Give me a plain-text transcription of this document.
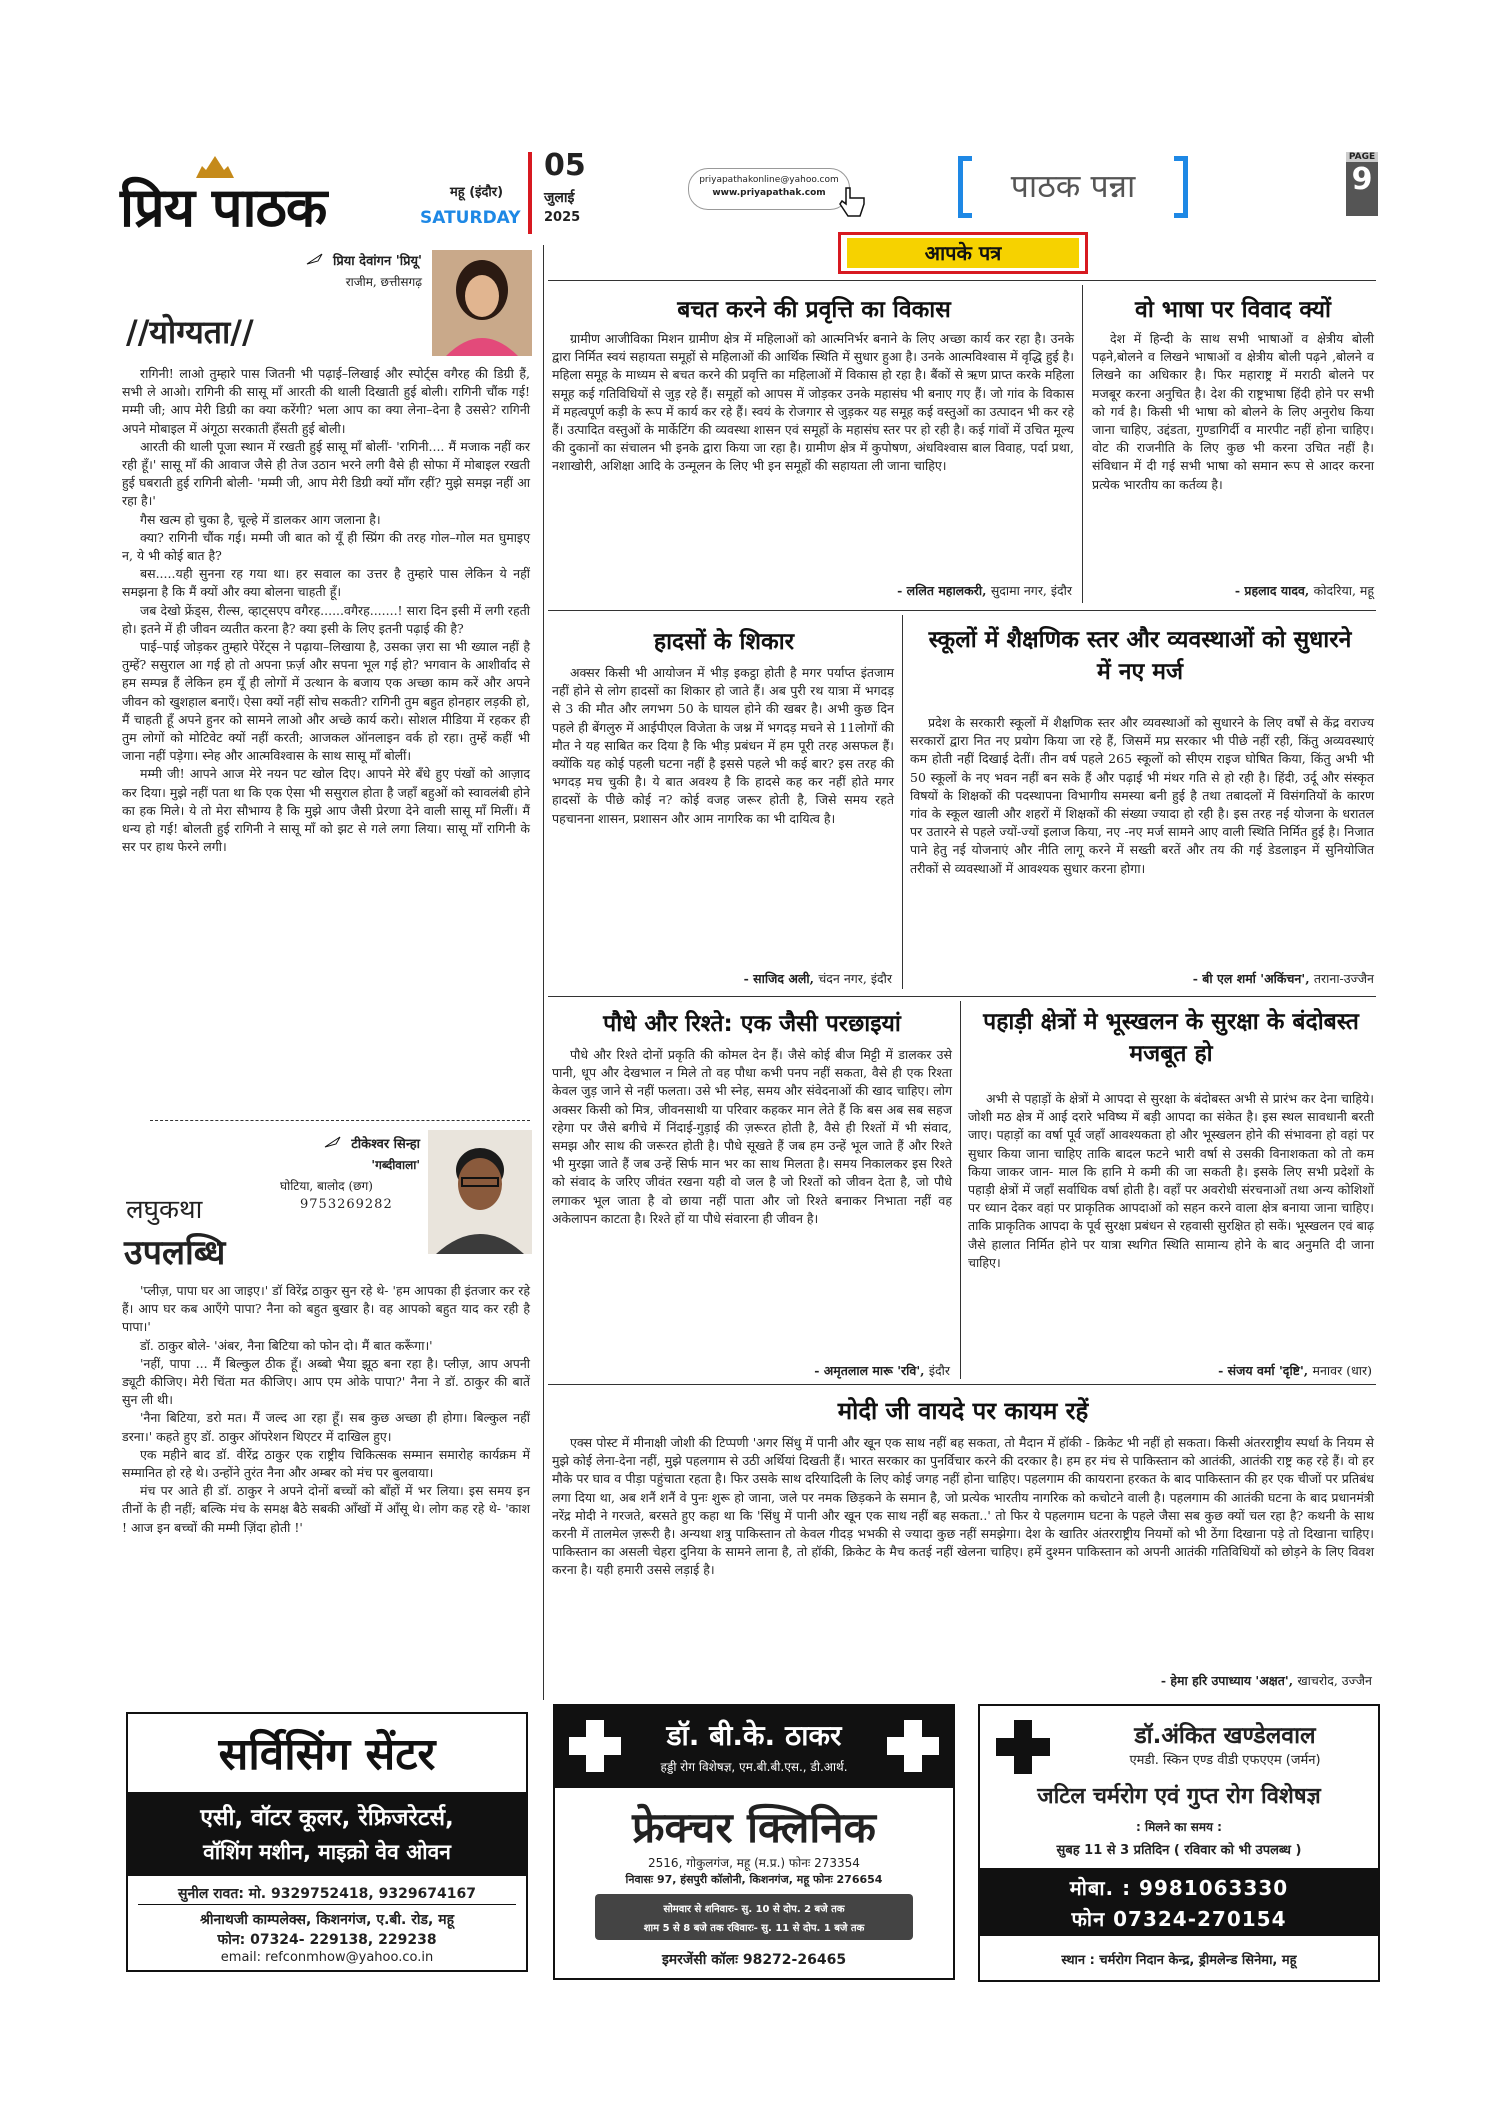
प्रिय पाठक	महू (इंदौर)
SATURDAY
05
जुलाई
2025
priyapathakonline@yahoo.com
www.priyapathak.com	पाठक पन्ना
PAGE
9
आपके पत्र
प्रिया देवांगन 'प्रियू'
राजीम, छत्तीसगढ़
//योग्यता//

रागिनी! लाओ तुम्हारे पास जितनी भी पढ़ाई–लिखाई और स्पोर्ट्स वगैरह की डिग्री हैं, सभी ले आओ। रागिनी की सासू माँ आरती की थाली दिखाती हुई बोली। रागिनी चौंक गई! मम्मी जी; आप मेरी डिग्री का क्या करेंगी? भला आप का क्या लेना–देना है उससे? रागिनी अपने मोबाइल में अंगूठा सरकाती हँसती हुई बोली।

आरती की थाली पूजा स्थान में रखती हुई सासू माँ बोलीं- 'रागिनी.... मैं मजाक नहीं कर रही हूँ।' सासू माँ की आवाज जैसे ही तेज उठान भरने लगी वैसे ही सोफा में मोबाइल रखती हुई घबराती हुई रागिनी बोली- 'मम्मी जी, आप मेरी डिग्री क्यों माँग रहीं? मुझे समझ नहीं आ रहा है।'

गैस खत्म हो चुका है, चूल्हे में डालकर आग जलाना है।

क्या? रागिनी चौंक गई। मम्मी जी बात को यूँ ही स्प्रिंग की तरह गोल–गोल मत घुमाइए न, ये भी कोई बात है?

बस.....यही सुनना रह गया था। हर सवाल का उत्तर है तुम्हारे पास लेकिन ये नहीं समझना है कि मैं क्यों और क्या बोलना चाहती हूँ।

जब देखो फ्रेंड्स, रील्स, व्हाट्सएप वगैरह......वगैरह.......! सारा दिन इसी में लगी रहती हो। इतने में ही जीवन व्यतीत करना है? क्या इसी के लिए इतनी पढ़ाई की है?

पाई–पाई जोड़कर तुम्हारे पेरेंट्स ने पढ़ाया–लिखाया है, उसका ज़रा सा भी ख्याल नहीं है तुम्हें? ससुराल आ गई हो तो अपना फ़र्ज़ और सपना भूल गई हो? भगवान के आशीर्वाद से हम सम्पन्न हैं लेकिन हम यूँ ही लोगों में उत्थान के बजाय एक अच्छा काम करें और अपने जीवन को खुशहाल बनाएँ। ऐसा क्यों नहीं सोच सकती? रागिनी तुम बहुत होनहार लड़की हो, मैं चाहती हूँ अपने हुनर को सामने लाओ और अच्छे कार्य करो। सोशल मीडिया में रहकर ही तुम लोगों को मोटिवेट क्यों नहीं करती; आजकल ऑनलाइन वर्क हो रहा। तुम्हें कहीं भी जाना नहीं पड़ेगा। स्नेह और आत्मविश्वास के साथ सासू माँ बोलीं।

मम्मी जी! आपने आज मेरे नयन पट खोल दिए। आपने मेरे बँधे हुए पंखों को आज़ाद कर दिया। मुझे नहीं पता था कि एक ऐसा भी ससुराल होता है जहाँ बहुओं को स्वावलंबी होने का हक मिले। ये तो मेरा सौभाग्य है कि मुझे आप जैसी प्रेरणा देने वाली सासू माँ मिलीं। मैं धन्य हो गई! बोलती हुई रागिनी ने सासू माँ को झट से गले लगा लिया। सासू माँ रागिनी के सर पर हाथ फेरने लगी।

टीकेश्वर सिन्हा
'गब्दीवाला'
घोटिया, बालोद (छग)
9753269282
लघुकथा
उपलब्धि

'प्लीज़, पापा घर आ जाइए।' डॉ विरेंद्र ठाकुर सुन रहे थे- 'हम आपका ही इंतजार कर रहे हैं। आप घर कब आएँगे पापा? नैना को बहुत बुखार है। वह आपको बहुत याद कर रही है पापा।'

डॉ. ठाकुर बोले- 'अंबर, नैना बिटिया को फोन दो। मैं बात करूँगा।'

'नहीं, पापा ... मैं बिल्कुल ठीक हूँ। अब्बो भैया झूठ बना रहा है। प्लीज़, आप अपनी ड्यूटी कीजिए। मेरी चिंता मत कीजिए। आप एम ओके पापा?' नैना ने डॉ. ठाकुर की बातें सुन ली थी।

'नैना बिटिया, डरो मत। मैं जल्द आ रहा हूँ। सब कुछ अच्छा ही होगा। बिल्कुल नहीं डरना।' कहते हुए डॉ. ठाकुर ऑपरेशन थिएटर में दाखिल हुए।

एक महीने बाद डॉ. वीरेंद्र ठाकुर एक राष्ट्रीय चिकित्सक सम्मान समारोह कार्यक्रम में सम्मानित हो रहे थे। उन्होंने तुरंत नैना और अम्बर को मंच पर बुलवाया।

मंच पर आते ही डॉ. ठाकुर ने अपने दोनों बच्चों को बाँहों में भर लिया। इस समय इन तीनों के ही नहीं; बल्कि मंच के समक्ष बैठे सबकी आँखों में आँसू थे। लोग कह रहे थे- 'काश ! आज इन बच्चों की मम्मी ज़िंदा होती !'

बचत करने की प्रवृत्ति का विकास

ग्रामीण आजीविका मिशन ग्रामीण क्षेत्र में महिलाओं को आत्मनिर्भर बनाने के लिए अच्छा कार्य कर रहा है। उनके द्वारा निर्मित स्वयं सहायता समूहों से महिलाओं की आर्थिक स्थिति में सुधार हुआ है। उनके आत्मविश्वास में वृद्धि हुई है। महिला समूह के माध्यम से बचत करने की प्रवृत्ति का महिलाओं में विकास हो रहा है। बैंकों से ऋण प्राप्त करके महिला समूह कई गतिविधियों से जुड़ रहे हैं। समूहों को आपस में जोड़कर उनके महासंघ भी बनाए गए हैं। जो गांव के विकास में महत्वपूर्ण कड़ी के रूप में कार्य कर रहे हैं। स्वयं के रोजगार से जुड़कर यह समूह कई वस्तुओं का उत्पादन भी कर रहे हैं। उत्पादित वस्तुओं के मार्केटिंग की व्यवस्था शासन एवं समूहों के महासंघ स्तर पर हो रही है। कई गांवों में उचित मूल्य की दुकानों का संचालन भी इनके द्वारा किया जा रहा है। ग्रामीण क्षेत्र में कुपोषण, अंधविश्वास बाल विवाह, पर्दा प्रथा, नशाखोरी, अशिक्षा आदि के उन्मूलन के लिए भी इन समूहों की सहायता ली जाना चाहिए।

- ललित महालकरी, सुदामा नगर, इंदौर
वो भाषा पर विवाद क्यों

देश में हिन्दी के साथ सभी भाषाओं व क्षेत्रीय बोली पढ़ने,बोलने व लिखने भाषाओं व क्षेत्रीय बोली पढ़ने ,बोलने व लिखने का अधिकार है। फिर महाराष्ट्र में मराठी बोलने पर मजबूर करना अनुचित है। देश की राष्ट्रभाषा हिंदी होने पर सभी को गर्व है। किसी भी भाषा को बोलने के लिए अनुरोध किया जाना चाहिए, उद्दंडता, गुण्डागिर्दी व मारपीट नहीं होना चाहिए। वोट की राजनीति के लिए कुछ भी करना उचित नहीं है। संविधान में दी गई सभी भाषा को समान रूप से आदर करना प्रत्येक भारतीय का कर्तव्य है।

- प्रहलाद यादव, कोदरिया, महू
हादसों के शिकार

अक्सर किसी भी आयोजन में भीड़ इकट्ठा होती है मगर पर्याप्त इंतजाम नहीं होने से लोग हादसों का शिकार हो जाते हैं। अब पुरी रथ यात्रा में भगदड़ से 3 की मौत और लगभग 50 के घायल होने की खबर है। अभी कुछ दिन पहले ही बेंगलुरु में आईपीएल विजेता के जश्न में भगदड़ मचने से 11लोगों की मौत ने यह साबित कर दिया है कि भीड़ प्रबंधन में हम पूरी तरह असफल हैं। क्योंकि यह कोई पहली घटना नहीं है इससे पहले भी कई बार? इस तरह की भगदड़ मच चुकी है। ये बात अवश्य है कि हादसे कह कर नहीं होते मगर हादसों के पीछे कोई न? कोई वजह जरूर होती है, जिसे समय रहते पहचानना शासन, प्रशासन और आम नागरिक का भी दायित्व है।

- साजिद अली, चंदन नगर, इंदौर
स्कूलों में शैक्षणिक स्तर और व्यवस्थाओं को सुधारने में नए मर्ज

प्रदेश के सरकारी स्कूलों में शैक्षणिक स्तर और व्यवस्थाओं को सुधारने के लिए वर्षों से केंद्र वराज्य सरकारों द्वारा नित नए प्रयोग किया जा रहे हैं, जिसमें मप्र सरकार भी पीछे नहीं रही, किंतु अव्यवस्थाएं कम होती नहीं दिखाई देतीं। तीन वर्ष पहले 265 स्कूलों को सीएम राइज घोषित किया, किंतु अभी भी 50 स्कूलों के नए भवन नहीं बन सके हैं और पढ़ाई भी मंथर गति से हो रही है। हिंदी, उर्दू और संस्कृत विषयों के शिक्षकों की पदस्थापना विभागीय समस्या बनी हुई है तथा तबादलों में विसंगतियों के कारण गांव के स्कूल खाली और शहरों में शिक्षकों की संख्या ज्यादा हो रही है। इस तरह नई योजना के धरातल पर उतारने से पहले ज्यों-ज्यों इलाज किया, नए -नए मर्ज सामने आए वाली स्थिति निर्मित हुई है। निजात पाने हेतु नई योजनाएं और नीति लागू करने में सख्ती बरतें और तय की गई डेडलाइन में सुनियोजित तरीकों से व्यवस्थाओं में आवश्यक सुधार करना होगा।

- बी एल शर्मा 'अकिंचन', तराना-उज्जैन
पौधे और रिश्ते: एक जैसी परछाइयां

पौधे और रिश्ते दोनों प्रकृति की कोमल देन हैं। जैसे कोई बीज मिट्टी में डालकर उसे पानी, धूप और देखभाल न मिले तो वह पौधा कभी पनप नहीं सकता, वैसे ही एक रिश्ता केवल जुड़ जाने से नहीं फलता। उसे भी स्नेह, समय और संवेदनाओं की खाद चाहिए। लोग अक्सर किसी को मित्र, जीवनसाथी या परिवार कहकर मान लेते हैं कि बस अब सब सहज रहेगा पर जैसे बगीचे में निंदाई-गुड़ाई की ज़रूरत होती है, वैसे ही रिश्तों में भी संवाद, समझ और साथ की जरूरत होती है। पौधे सूखते हैं जब हम उन्हें भूल जाते हैं और रिश्ते भी मुरझा जाते हैं जब उन्हें सिर्फ मान भर का साथ मिलता है। समय निकालकर इस रिश्ते को संवाद के जरिए जीवंत रखना यही वो जल है जो रिश्तों को जीवन देता है, जो पौधे लगाकर भूल जाता है वो छाया नहीं पाता और जो रिश्ते बनाकर निभाता नहीं वह अकेलापन काटता है। रिश्ते हों या पौधे संवारना ही जीवन है।

- अमृतलाल मारू 'रवि', इंदौर
पहाड़ी क्षेत्रों मे भूस्खलन के सुरक्षा के बंदोबस्त मजबूत हो

अभी से पहाड़ों के क्षेत्रों मे आपदा से सुरक्षा के बंदोबस्त अभी से प्रारंभ कर देना चाहिये। जोशी मठ क्षेत्र में आई दरारे भविष्य में बड़ी आपदा का संकेत है। इस स्थल सावधानी बरती जाए। पहाड़ों का वर्षा पूर्व जहाँ आवश्यकता हो और भूस्खलन होने की संभावना हो वहां पर सुधार किया जाना चाहिए ताकि बादल फटने भारी वर्षा से उसकी विनाशकता को तो कम किया जाकर जान- माल कि हानि मे कमी की जा सकती है। इसके लिए सभी प्रदेशों के पहाड़ी क्षेत्रों में जहाँ सर्वाधिक वर्षा होती है। वहाँ पर अवरोधी संरचनाओं तथा अन्य कोशिशों पर ध्यान देकर वहां पर प्राकृतिक आपदाओं को सहन करने वाला क्षेत्र बनाया जाना चाहिए। ताकि प्राकृतिक आपदा के पूर्व सुरक्षा प्रबंधन से रहवासी सुरक्षित हो सकें। भूस्खलन एवं बाढ़ जैसे हालात निर्मित होने पर यात्रा स्थगित स्थिति सामान्य होने के बाद अनुमति दी जाना चाहिए।

- संजय वर्मा 'दृष्टि', मनावर (धार)
मोदी जी वायदे पर कायम रहें

एक्स पोस्ट में मीनाक्षी जोशी की टिप्पणी 'अगर सिंधु में पानी और खून एक साथ नहीं बह सकता, तो मैदान में हॉकी - क्रिकेट भी नहीं हो सकता। किसी अंतरराष्ट्रीय स्पर्धा के नियम से मुझे कोई लेना-देना नहीं, मुझे पहलगाम से उठी अर्थियां दिखती हैं। भारत सरकार का पुनर्विचार करने की दरकार है। हम हर मंच से पाकिस्तान को आतंकी, आतंकी राष्ट्र कह रहे हैं। वो हर मौके पर घाव व पीड़ा पहुंचाता रहता है। फिर उसके साथ दरियादिली के लिए कोई जगह नहीं होना चाहिए। पहलगाम की कायराना हरकत के बाद पाकिस्तान की हर एक चीजों पर प्रतिबंध लगा दिया था, अब शनैं शनैं वे पुनः शुरू हो जाना, जले पर नमक छिड़कने के समान है, जो प्रत्येक भारतीय नागरिक को कचोटने वाली है। पहलगाम की आतंकी घटना के बाद प्रधानमंत्री नरेंद्र मोदी ने गरजते, बरसते हुए कहा था कि 'सिंधु में पानी और खून एक साथ नहीं बह सकता..' तो फिर ये पहलगाम घटना के पहले जैसा सब कुछ क्यों चल रहा है? कथनी के साथ करनी में तालमेल ज़रूरी है। अन्यथा शत्रु पाकिस्तान तो केवल गीदड़ भभकी से ज्यादा कुछ नहीं समझेगा। देश के खातिर अंतरराष्ट्रीय नियमों को भी ठेंगा दिखाना पड़े तो दिखाना चाहिए। पाकिस्तान का असली चेहरा दुनिया के सामने लाना है, तो हॉकी, क्रिकेट के मैच कतई नहीं खेलना चाहिए। हमें दुश्मन पाकिस्तान को अपनी आतंकी गतिविधियों को छोड़ने के लिए विवश करना है। यही हमारी उससे लड़ाई है।

- हेमा हरि उपाध्याय 'अक्षत', खाचरोद, उज्जैन
सर्विसिंग सेंटर
एसी, वॉटर कूलर, रेफ्रिजरेटर्स,
वॉशिंग मशीन, माइक्रो वेव ओवन
सुनील रावत: मो. 9329752418, 9329674167
श्रीनाथजी काम्पलेक्स, किशनगंज, ए.बी. रोड, महू
फोन: 07324- 229138, 229238
email: refconmhow@yahoo.co.in
डॉ. बी.के. ठाकर
हड्डी रोग विशेषज्ञ, एम.बी.बी.एस., डी.आर्थ.
फ्रेक्चर क्लिनिक
2516, गोकुलगंज, महू (म.प्र.) फोनः 273354
निवासः 97, हंसपुरी कॉलोनी, किशनगंज, महू फोनः 276654
सोमवार से शनिवारः- सु. 10 से दोप. 2 बजे तक
शाम 5 से 8 बजे तक रविवारः- सु. 11 से दोप. 1 बजे तक
इमरजेंसी कॉलः 98272-26465
डॉ.अंकित खण्डेलवाल
एमडी. स्किन एण्ड वीडी एफएएम (जर्मन)
जटिल चर्मरोग एवं गुप्त रोग विशेषज्ञ
: मिलने का समय :
सुबह 11 से 3 प्रतिदिन ( रविवार को भी उपलब्ध )
मोबा. : 9981063330
फोन 07324-270154
स्थान : चर्मरोग निदान केन्द्र, ड्रीमलेन्ड सिनेमा, महू
